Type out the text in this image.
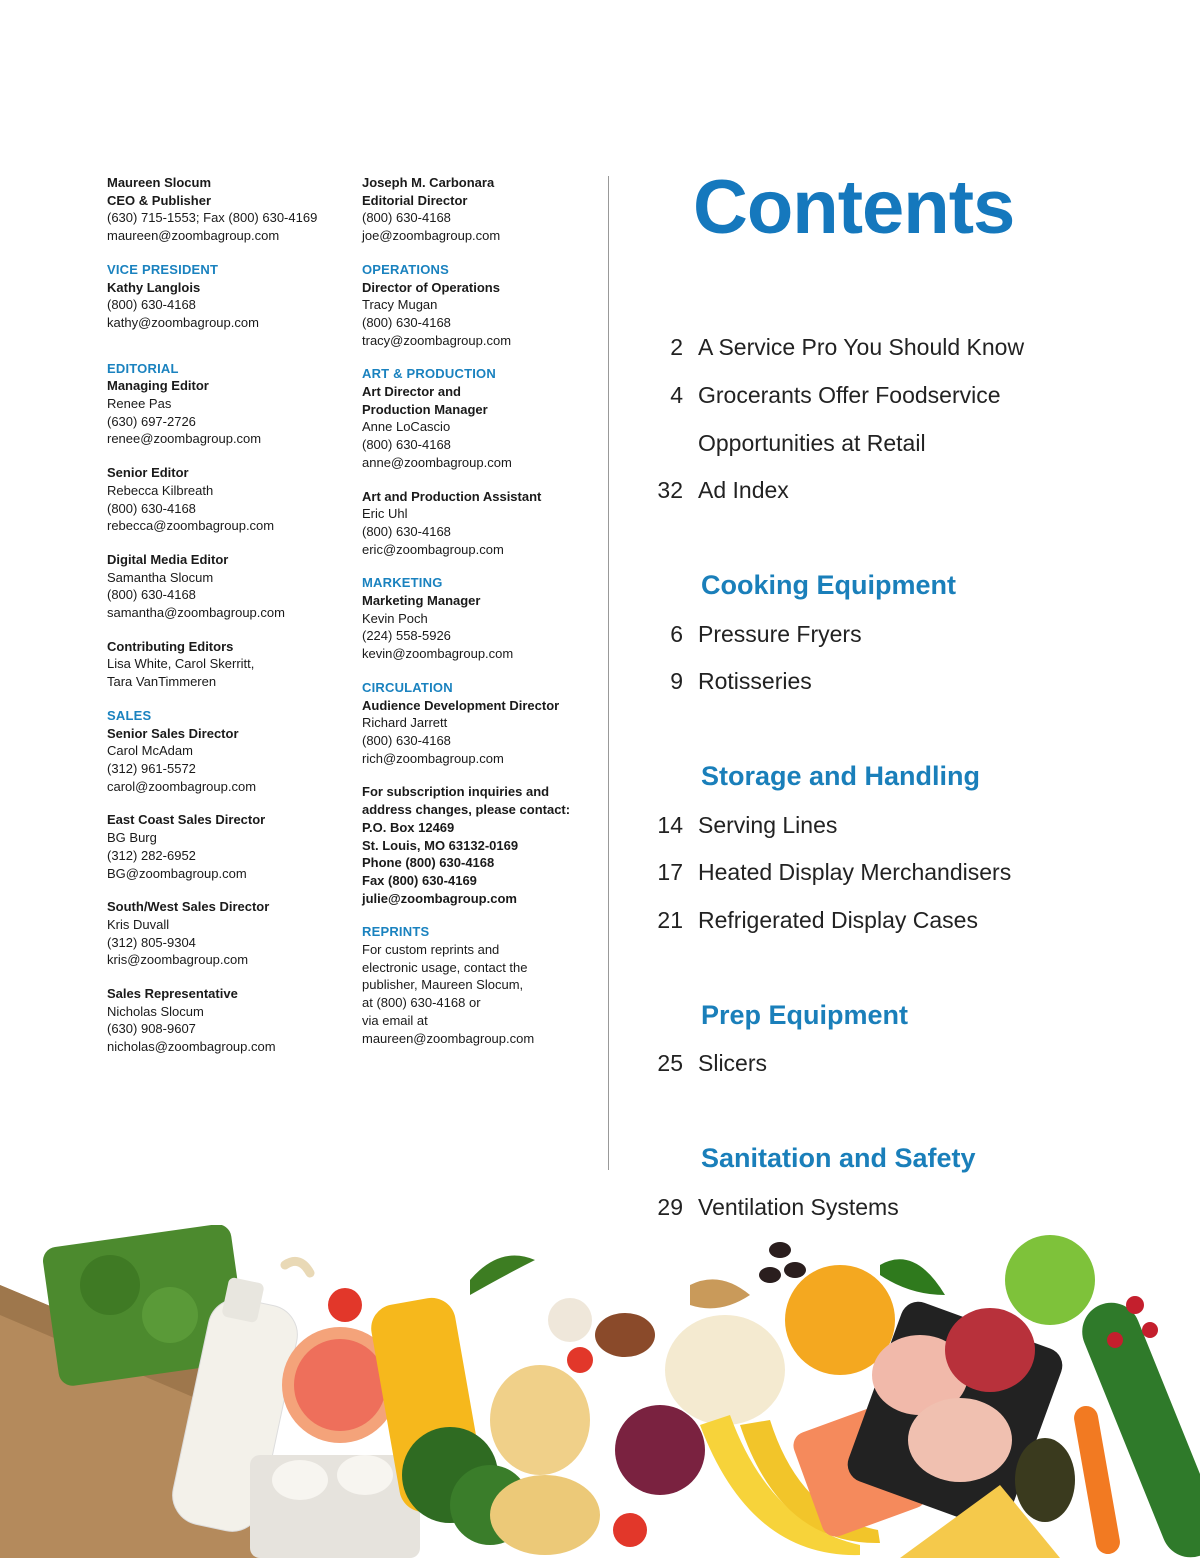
Maureen Slocum
CEO & Publisher
(630) 715-1553; Fax (800) 630-4169
maureen@zoombagroup.com
VICE PRESIDENT
Kathy Langlois
(800) 630-4168
kathy@zoombagroup.com
EDITORIAL
Managing Editor
Renee Pas
(630) 697-2726
renee@zoombagroup.com
Senior Editor
Rebecca Kilbreath
(800) 630-4168
rebecca@zoombagroup.com
Digital Media Editor
Samantha Slocum
(800) 630-4168
samantha@zoombagroup.com
Contributing Editors
Lisa White, Carol Skerritt,
Tara VanTimmeren
SALES
Senior Sales Director
Carol McAdam
(312) 961-5572
carol@zoombagroup.com
East Coast Sales Director
BG Burg
(312) 282-6952
BG@zoombagroup.com
South/West Sales Director
Kris Duvall
(312) 805-9304
kris@zoombagroup.com
Sales Representative
Nicholas Slocum
(630) 908-9607
nicholas@zoombagroup.com
Joseph M. Carbonara
Editorial Director
(800) 630-4168
joe@zoombagroup.com
OPERATIONS
Director of Operations
Tracy Mugan
(800) 630-4168
tracy@zoombagroup.com
ART & PRODUCTION
Art Director and
Production Manager
Anne LoCascio
(800) 630-4168
anne@zoombagroup.com
Art and Production Assistant
Eric Uhl
(800) 630-4168
eric@zoombagroup.com
MARKETING
Marketing Manager
Kevin Poch
(224) 558-5926
kevin@zoombagroup.com
CIRCULATION
Audience Development Director
Richard Jarrett
(800) 630-4168
rich@zoombagroup.com
For subscription inquiries and
address changes, please contact:
P.O. Box 12469
St. Louis, MO 63132-0169
Phone (800) 630-4168
Fax (800) 630-4169
julie@zoombagroup.com
REPRINTS
For custom reprints and
electronic usage, contact the
publisher, Maureen Slocum,
at (800) 630-4168 or
via email at
maureen@zoombagroup.com
Contents
2 A Service Pro You Should Know
4 Grocerants Offer Foodservice
Opportunities at Retail
32 Ad Index
Cooking Equipment
6 Pressure Fryers
9 Rotisseries
Storage and Handling
14 Serving Lines
17 Heated Display Merchandisers
21 Refrigerated Display Cases
Prep Equipment
25 Slicers
Sanitation and Safety
29 Ventilation Systems
